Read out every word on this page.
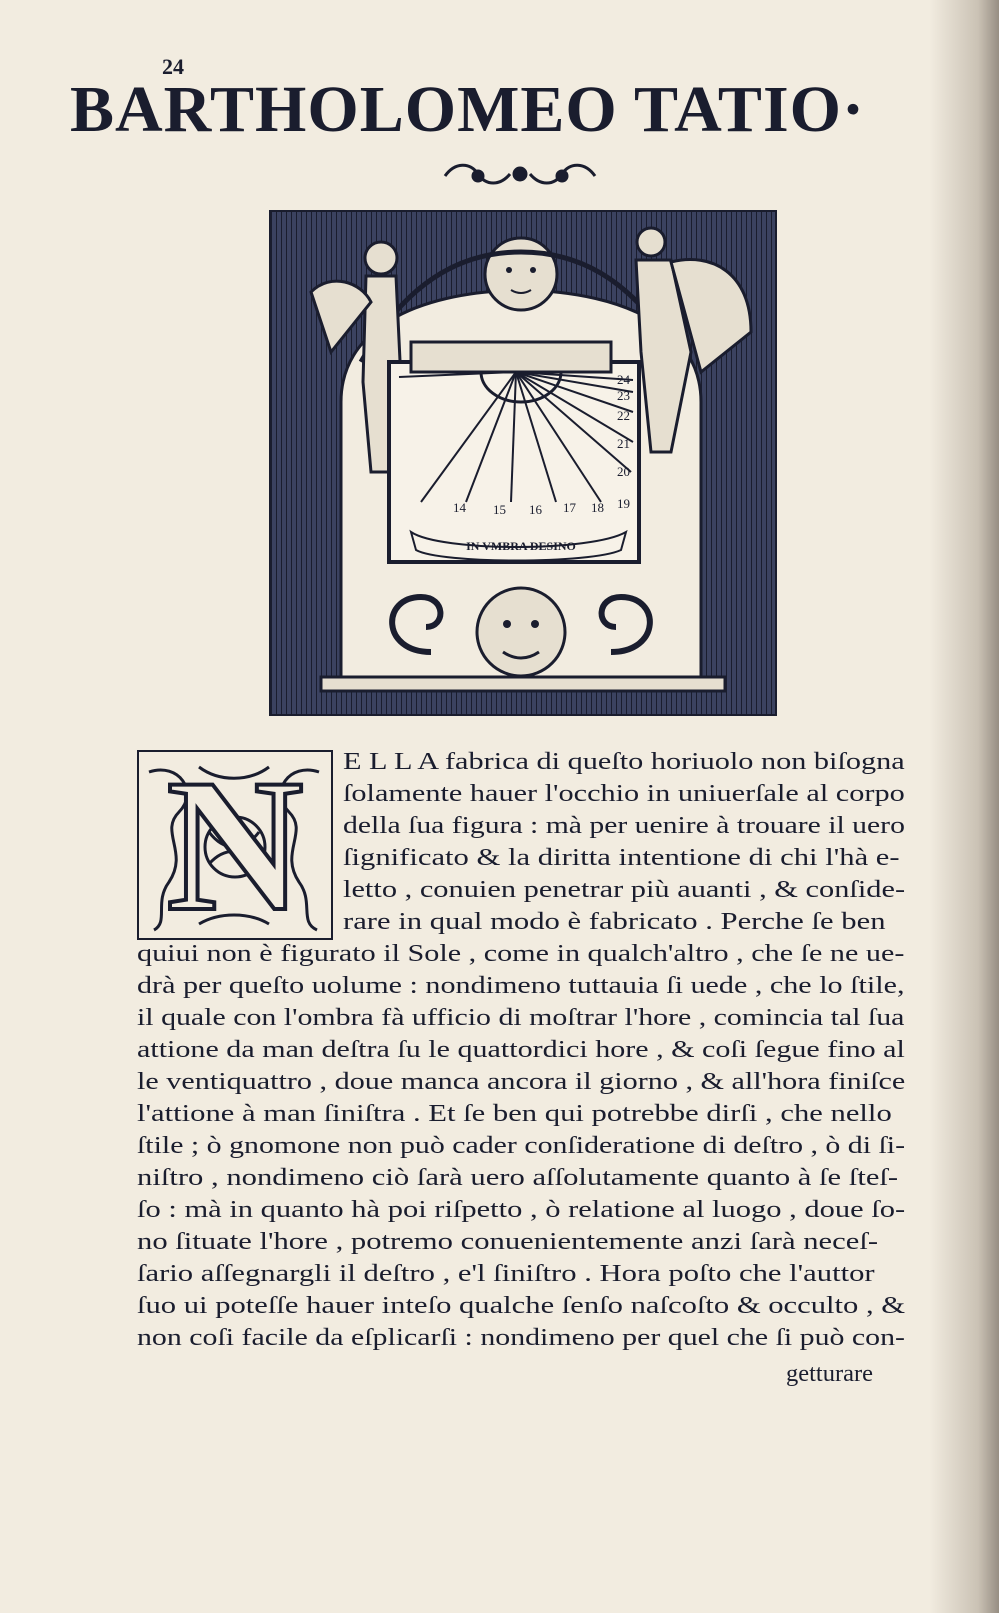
24
BARTHOLOMEO TATIO·
14 15 16 17 18 19
20
21
22
23
24
IN VMBRA DESINO
N	E L L A fabrica di queſto horiuolo non biſogna
ſolamente hauer l'occhio in uniuerſale al corpo
della ſua figura : mà per uenire à trouare il uero
ſignificato & la diritta intentione di chi l'hà e-
letto , conuien penetrar più auanti , & conſide-
rare in qual modo è fabricato . Perche ſe ben
quiui non è figurato il Sole , come in qualch'altro , che ſe ne ue-
drà per queſto uolume : nondimeno tuttauia ſi uede , che lo ſtile,
il quale con l'ombra fà ufficio di moſtrar l'hore , comincia tal ſua
attione da man deſtra ſu le quattordici hore , & coſi ſegue fino al
le ventiquattro , doue manca ancora il giorno , & all'hora finiſce
l'attione à man ſiniſtra . Et ſe ben qui potrebbe dirſi , che nello
ſtile ; ò gnomone non può cader conſideratione di deſtro , ò di ſi-
niſtro , nondimeno ciò ſarà uero aſſolutamente quanto à ſe ſteſ-
ſo : mà in quanto hà poi riſpetto , ò relatione al luogo , doue ſo-
no ſituate l'hore , potremo conuenientemente anzi ſarà neceſ-
ſario aſſegnargli il deſtro , e'l ſiniſtro . Hora poſto che l'auttor
ſuo ui poteſſe hauer inteſo qualche ſenſo naſcoſto & occulto , &
non coſi facile da eſplicarſi : nondimeno per quel che ſi può con-
getturare
